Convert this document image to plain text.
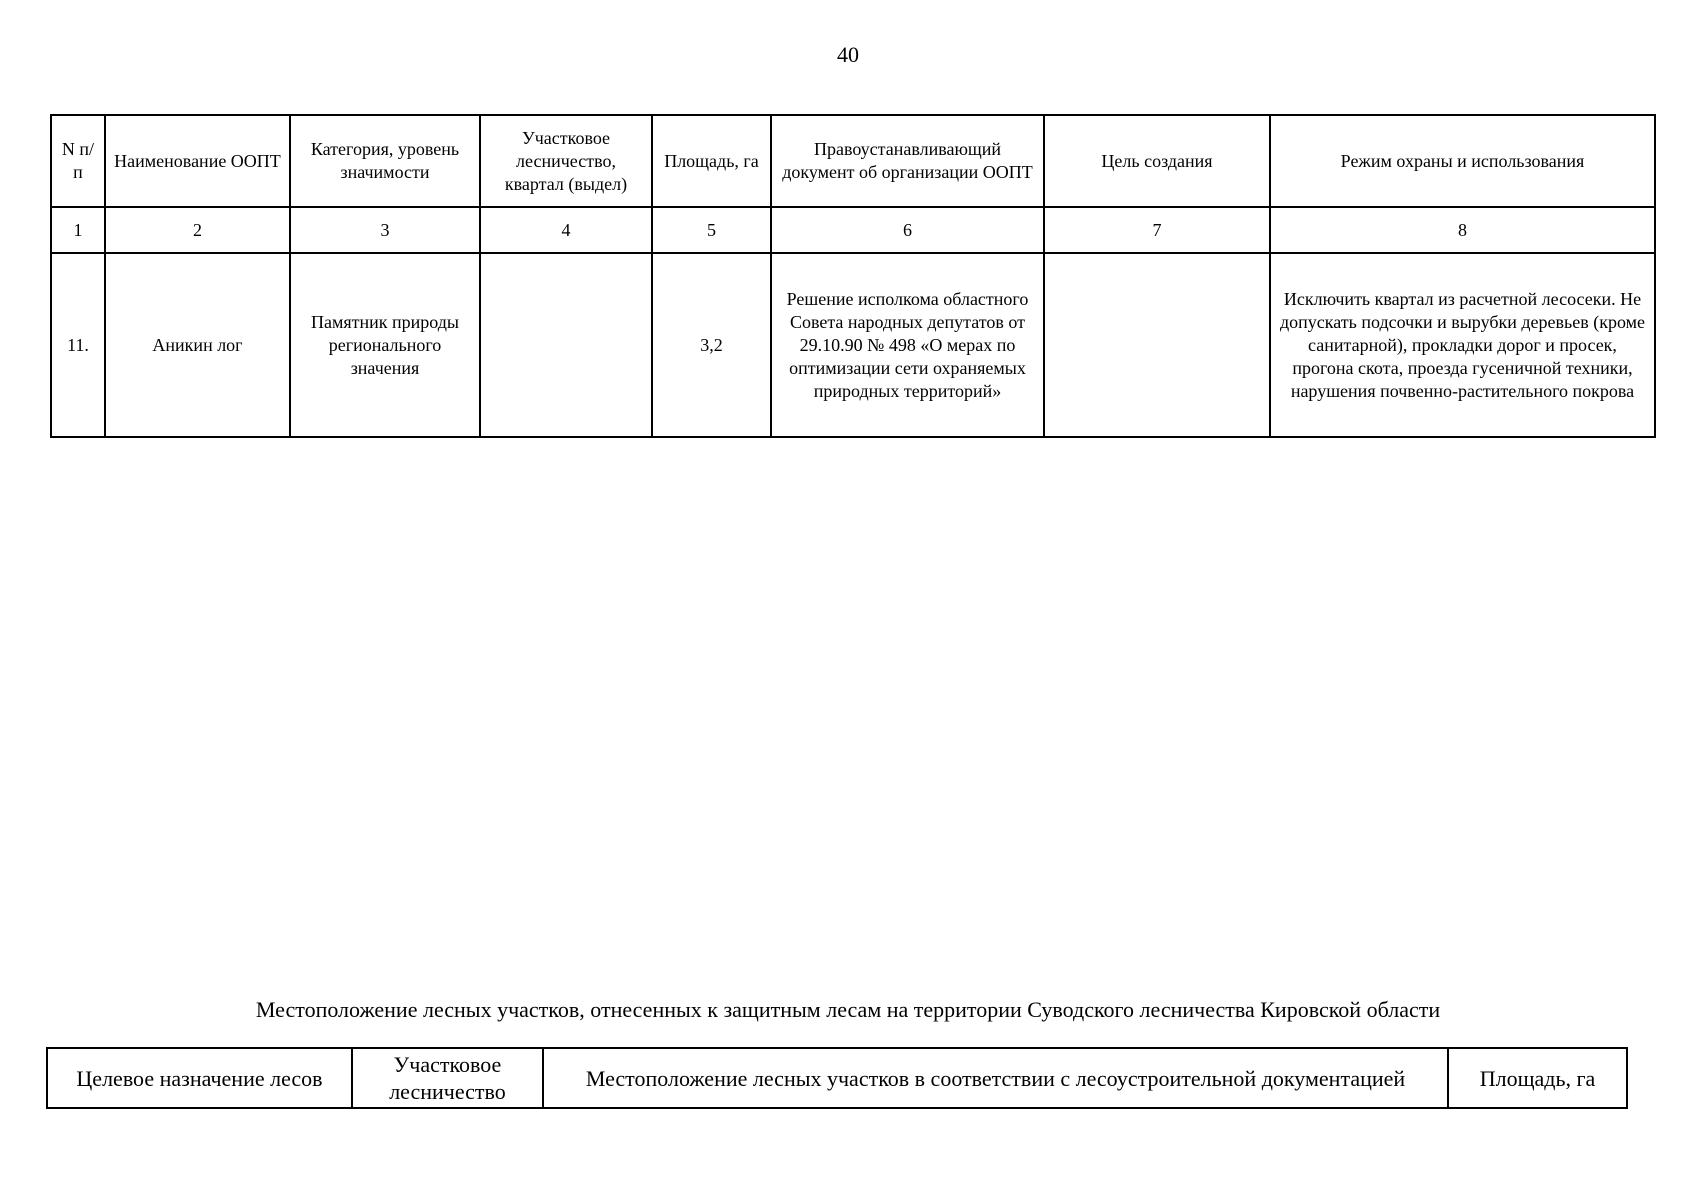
40
N п/п	Наименование ООПТ	Категория, уровень значимости	Участковое лесничество, квартал (выдел)	Площадь, га	Правоустанавливающий документ об организации ООПТ	Цель создания	Режим охраны и использования
1	2	3	4	5	6	7	8
11.	Аникин лог	Памятник природы регионального значения		3,2	Решение исполкома областного Совета народных депутатов от 29.10.90 № 498 «О мерах по оптимизации сети охраняемых природных территорий»		Исключить квартал из расчетной лесосеки. Не допускать подсочки и вырубки деревьев (кроме санитарной), прокладки дорог и просек, прогона скота, проезда гусеничной техники, нарушения почвенно-растительного покрова
Местоположение лесных участков, отнесенных к защитным лесам на территории Суводского лесничества Кировской области
Целевое назначение лесов	Участковое лесничество	Местоположение лесных участков в соответствии с лесоустроительной документацией	Площадь, га
